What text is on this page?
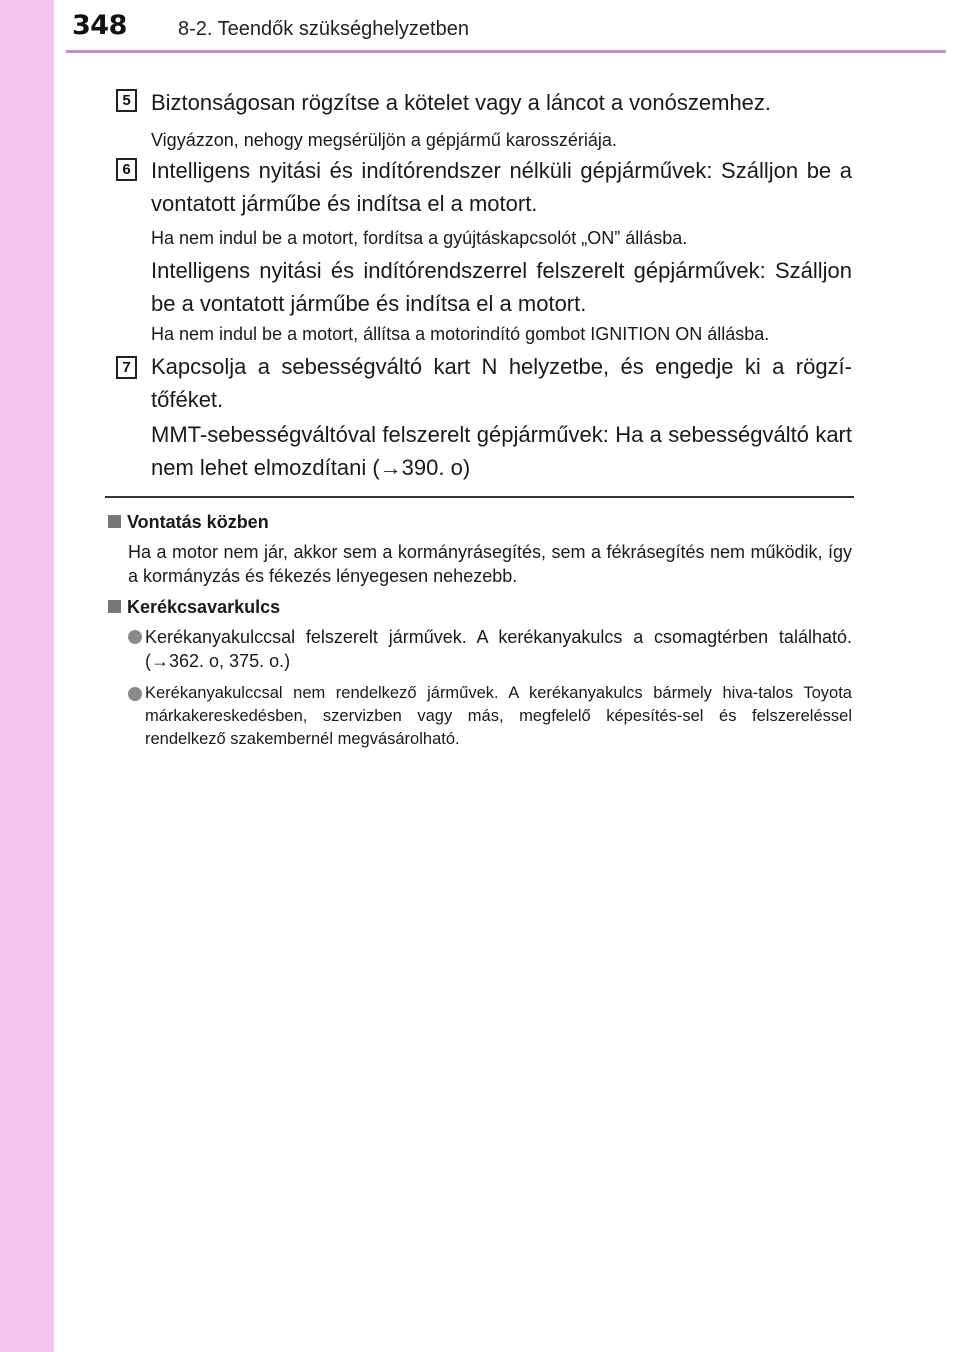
348	8-2. Teendők szükséghelyzetben
5 Biztonságosan rögzítse a kötelet vagy a láncot a vonószemhez.
Vigyázzon, nehogy megsérüljön a gépjármű karosszériája.
6 Intelligens nyitási és indítórendszer nélküli gépjárművek: Szálljon be a vontatott járműbe és indítsa el a motort.
Ha nem indul be a motort, fordítsa a gyújtáskapcsolót „ON” állásba.
Intelligens nyitási és indítórendszerrel felszerelt gépjárművek: Szálljon be a vontatott járműbe és indítsa el a motort.
Ha nem indul be a motort, állítsa a motorindító gombot IGNITION ON állásba.
7 Kapcsolja a sebességváltó kart N helyzetbe, és engedje ki a rögzí-tőféket.
MMT-sebességváltóval felszerelt gépjárművek: Ha a sebességváltó kart nem lehet elmozdítani (→390. o)
Vontatás közben
Ha a motor nem jár, akkor sem a kormányrásegítés, sem a fékrásegítés nem működik, így a kormányzás és fékezés lényegesen nehezebb.
Kerékcsavarkulcs
Kerékanyakulccsal felszerelt járművek. A kerékanyakulcs a csomagtérben található. (→362. o, 375. o.)
Kerékanyakulccsal nem rendelkező járművek. A kerékanyakulcs bármely hiva-talos Toyota márkakereskedésben, szervizben vagy más, megfelelő képesítés-sel és felszereléssel rendelkező szakembernél megvásárolható.
